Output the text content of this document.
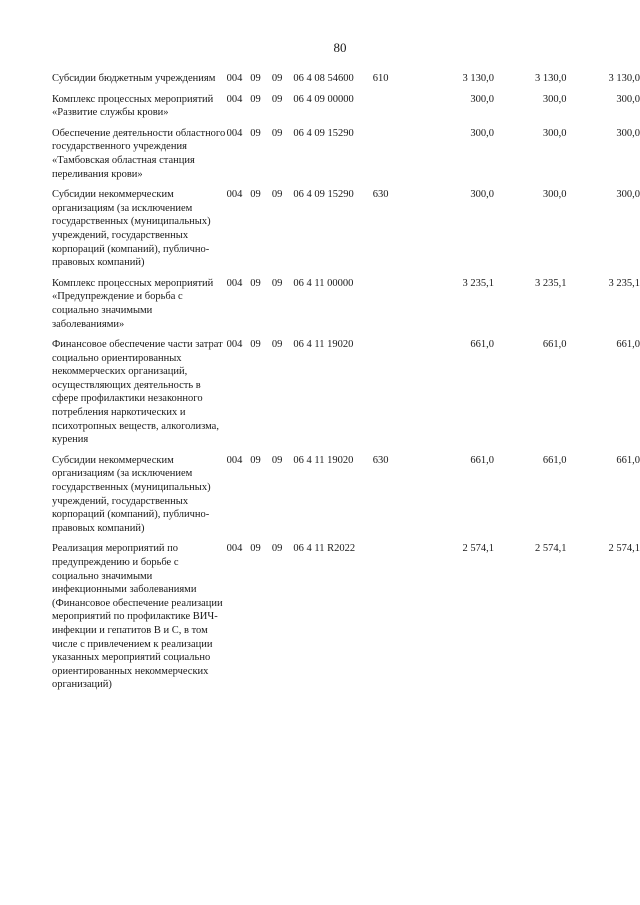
80
Субсидии бюджетным учреждениям	004	09	09	06 4 08 54600	610	3 130,0	3 130,0	3 130,0
Комплекс процессных мероприятий «Развитие службы крови»	004	09	09	06 4 09 00000		300,0	300,0	300,0
Обеспечение деятельности областного государственного учреждения «Тамбовская областная станция переливания крови»	004	09	09	06 4 09 15290		300,0	300,0	300,0
Субсидии некоммерческим организациям (за исключением государственных (муниципальных) учреждений, государственных корпораций (компаний), публично-правовых компаний)	004	09	09	06 4 09 15290	630	300,0	300,0	300,0
Комплекс процессных мероприятий «Предупреждение и борьба с социально значимыми заболеваниями»	004	09	09	06 4 11 00000		3 235,1	3 235,1	3 235,1
Финансовое обеспечение части затрат социально ориентированных некоммерческих организаций, осуществляющих деятельность в сфере профилактики незаконного потребления наркотических и психотропных веществ, алкоголизма, курения	004	09	09	06 4 11 19020		661,0	661,0	661,0
Субсидии некоммерческим организациям (за исключением государственных (муниципальных) учреждений, государственных корпораций (компаний), публично-правовых компаний)	004	09	09	06 4 11 19020	630	661,0	661,0	661,0
Реализация мероприятий по предупреждению и борьбе с социально значимыми инфекционными заболеваниями (Финансовое обеспечение реализации мероприятий по профилактике ВИЧ-инфекции и гепатитов В и С, в том числе с привлечением к реализации указанных мероприятий социально ориентированных некоммерческих организаций)	004	09	09	06 4 11 R2022		2 574,1	2 574,1	2 574,1
